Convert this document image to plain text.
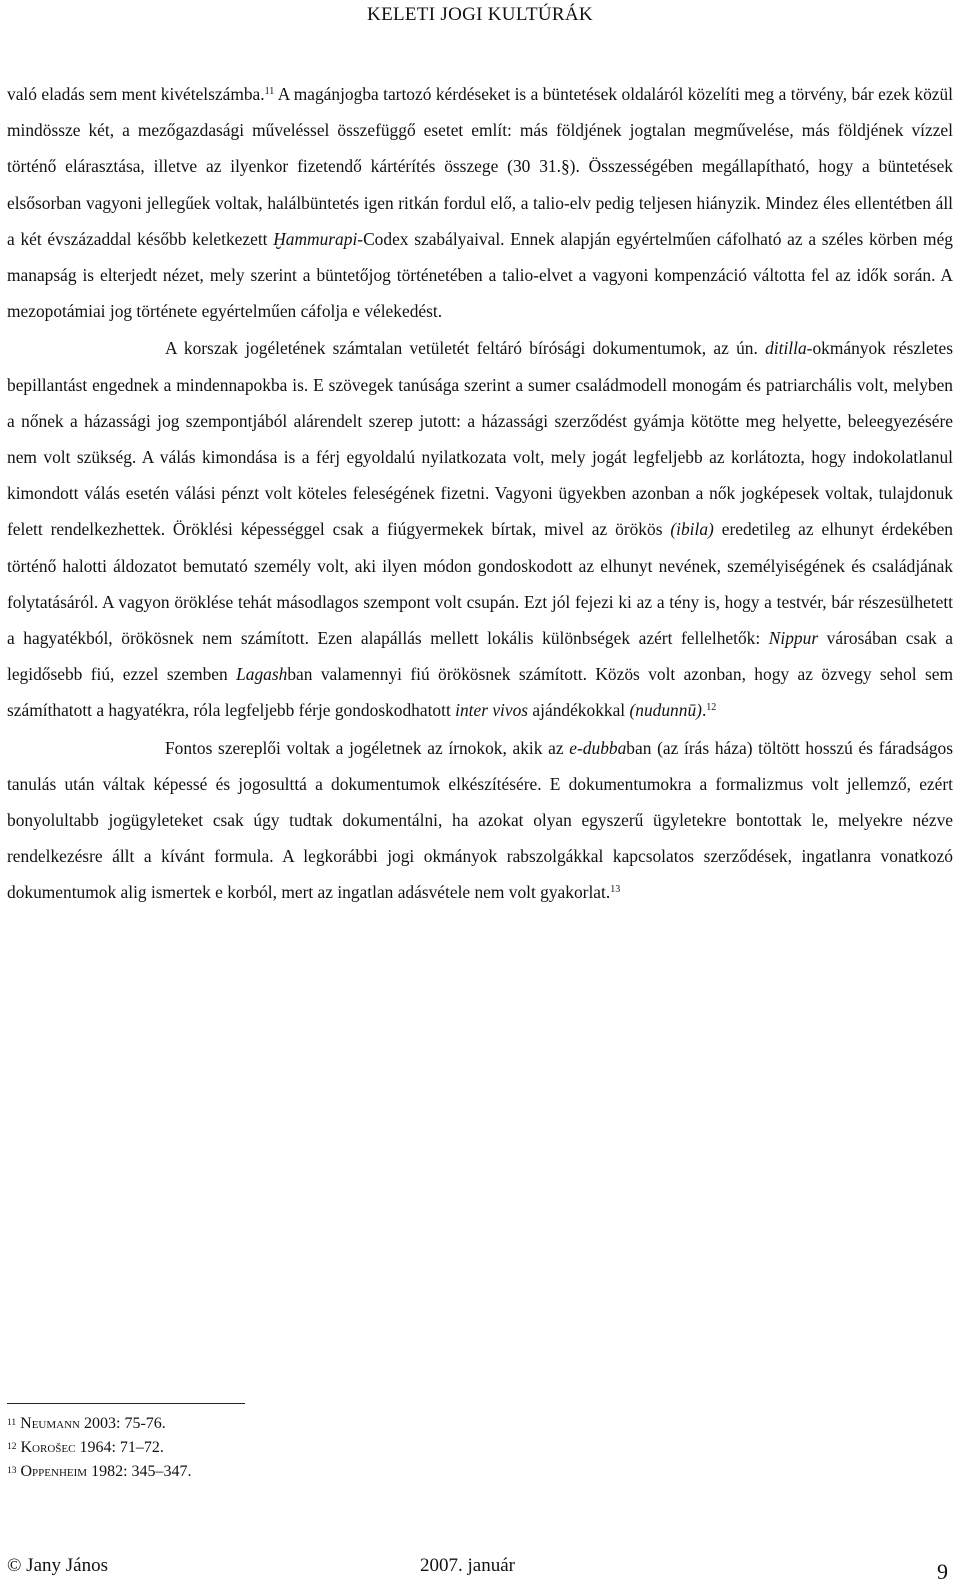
KELETI JOGI KULTÚRÁK

való eladás sem ment kivételszámba.$^{11}$ A magánjogba tartozó kérdéseket is a büntetések oldaláról közelíti meg a törvény, bár ezek közül mindössze két, a mezőgazdasági műveléssel összefüggő esetet említ: más földjének jogtalan megművelése, más földjének vízzel történő elárasztása, illetve az ilyenkor fizetendő kártérítés összege (30 31.§). Összességében megállapítható, hogy a büntetések elsősorban vagyoni jellegűek voltak, halálbüntetés igen ritkán fordul elő, a talio-elv pedig teljesen hiányzik. Mindez éles ellentétben áll a két évszázaddal később keletkezett Ḫammurapi-Codex szabályaival. Ennek alapján egyértelműen cáfolható az a széles körben még manapság is elterjedt nézet, mely szerint a büntetőjog történetében a talio-elvet a vagyoni kompenzáció váltotta fel az idők során. A mezopotámiai jog története egyértelműen cáfolja e vélekedést.

A korszak jogéletének számtalan vetületét feltáró bírósági dokumentumok, az ún. ditilla-okmányok részletes bepillantást engednek a mindennapokba is. E szövegek tanúsága szerint a sumer családmodell monogám és patriarchális volt, melyben a nőnek a házassági jog szempontjából alárendelt szerep jutott: a házassági szerződést gyámja kötötte meg helyette, beleegyezésére nem volt szükség. A válás kimondása is a férj egyoldalú nyilatkozata volt, mely jogát legfeljebb az korlátozta, hogy indokolatlanul kimondott válás esetén válási pénzt volt köteles feleségének fizetni. Vagyoni ügyekben azonban a nők jogképesek voltak, tulajdonuk felett rendelkezhettek. Öröklési képességgel csak a fiúgyermekek bírtak, mivel az örökös (ibila) eredetileg az elhunyt érdekében történő halotti áldozatot bemutató személy volt, aki ilyen módon gondoskodott az elhunyt nevének, személyiségének és családjának folytatásáról. A vagyon öröklése tehát másodlagos szempont volt csupán. Ezt jól fejezi ki az a tény is, hogy a testvér, bár részesülhetett a hagyatékból, örökösnek nem számított. Ezen alapállás mellett lokális különbségek azért fellelhetők: Nippur városában csak a legidősebb fiú, ezzel szemben Lagashban valamennyi fiú örökösnek számított. Közös volt azonban, hogy az özvegy sehol sem számíthatott a hagyatékra, róla legfeljebb férje gondoskodhatott inter vivos ajándékokkal (nudunnū).$^{12}$

Fontos szereplői voltak a jogéletnek az írnokok, akik az e-dubbaban (az írás háza) töltött hosszú és fáradságos tanulás után váltak képessé és jogosulttá a dokumentumok elkészítésére. E dokumentumokra a formalizmus volt jellemző, ezért bonyolultabb jogügyleteket csak úgy tudtak dokumentálni, ha azokat olyan egyszerű ügyletekre bontottak le, melyekre nézve rendelkezésre állt a kívánt formula. A legkorábbi jogi okmányok rabszolgákkal kapcsolatos szerződések, ingatlanra vonatkozó dokumentumok alig ismertek e korból, mert az ingatlan adásvétele nem volt gyakorlat.$^{13}$

$^{11}$ Neumann 2003: 75-76.
$^{12}$ Korošec 1964: 71–72.
$^{13}$ Oppenheim 1982: 345–347.
© Jany János	2007. január	9
